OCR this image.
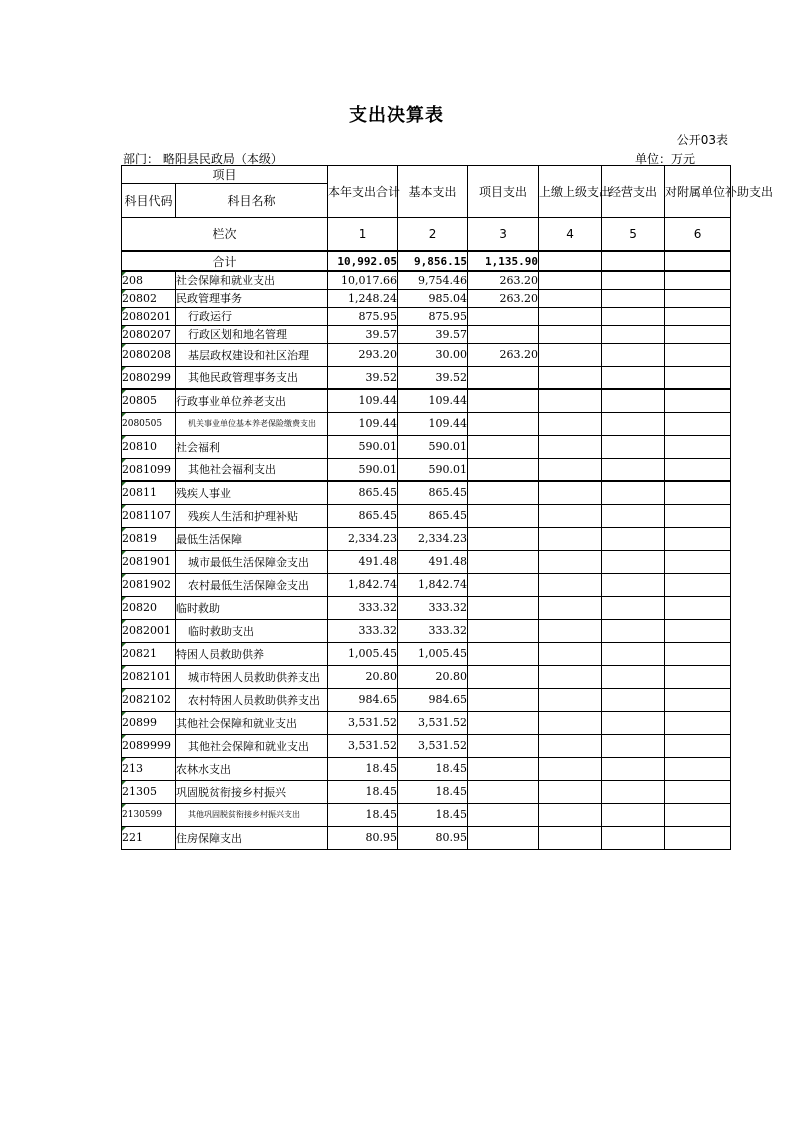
支出决算表
公开03表
部门： 略阳县民政局（本级）	单位：万元
项目		本年支出合计	基本支出	项目支出	上缴上级支出	经营支出	对附属单位补助支出
科目代码	科目名称						
栏次		1	2	3	4	5	6
合计		10,992.05	9,856.15	1,135.90			
208	社会保障和就业支出	10,017.66	9,754.46	263.20			
20802	民政管理事务	1,248.24	985.04	263.20			
2080201	行政运行	875.95	875.95				
2080207	行政区划和地名管理	39.57	39.57				
2080208	基层政权建设和社区治理	293.20	30.00	263.20			
2080299	其他民政管理事务支出	39.52	39.52				
20805	行政事业单位养老支出	109.44	109.44				
2080505	机关事业单位基本养老保险缴费支出	109.44	109.44				
20810	社会福利	590.01	590.01				
2081099	其他社会福利支出	590.01	590.01				
20811	残疾人事业	865.45	865.45				
2081107	残疾人生活和护理补贴	865.45	865.45				
20819	最低生活保障	2,334.23	2,334.23				
2081901	城市最低生活保障金支出	491.48	491.48				
2081902	农村最低生活保障金支出	1,842.74	1,842.74				
20820	临时救助	333.32	333.32				
2082001	临时救助支出	333.32	333.32				
20821	特困人员救助供养	1,005.45	1,005.45				
2082101	城市特困人员救助供养支出	20.80	20.80				
2082102	农村特困人员救助供养支出	984.65	984.65				
20899	其他社会保障和就业支出	3,531.52	3,531.52				
2089999	其他社会保障和就业支出	3,531.52	3,531.52				
213	农林水支出	18.45	18.45				
21305	巩固脱贫衔接乡村振兴	18.45	18.45				
2130599	其他巩固脱贫衔接乡村振兴支出	18.45	18.45				
221	住房保障支出	80.95	80.95				
